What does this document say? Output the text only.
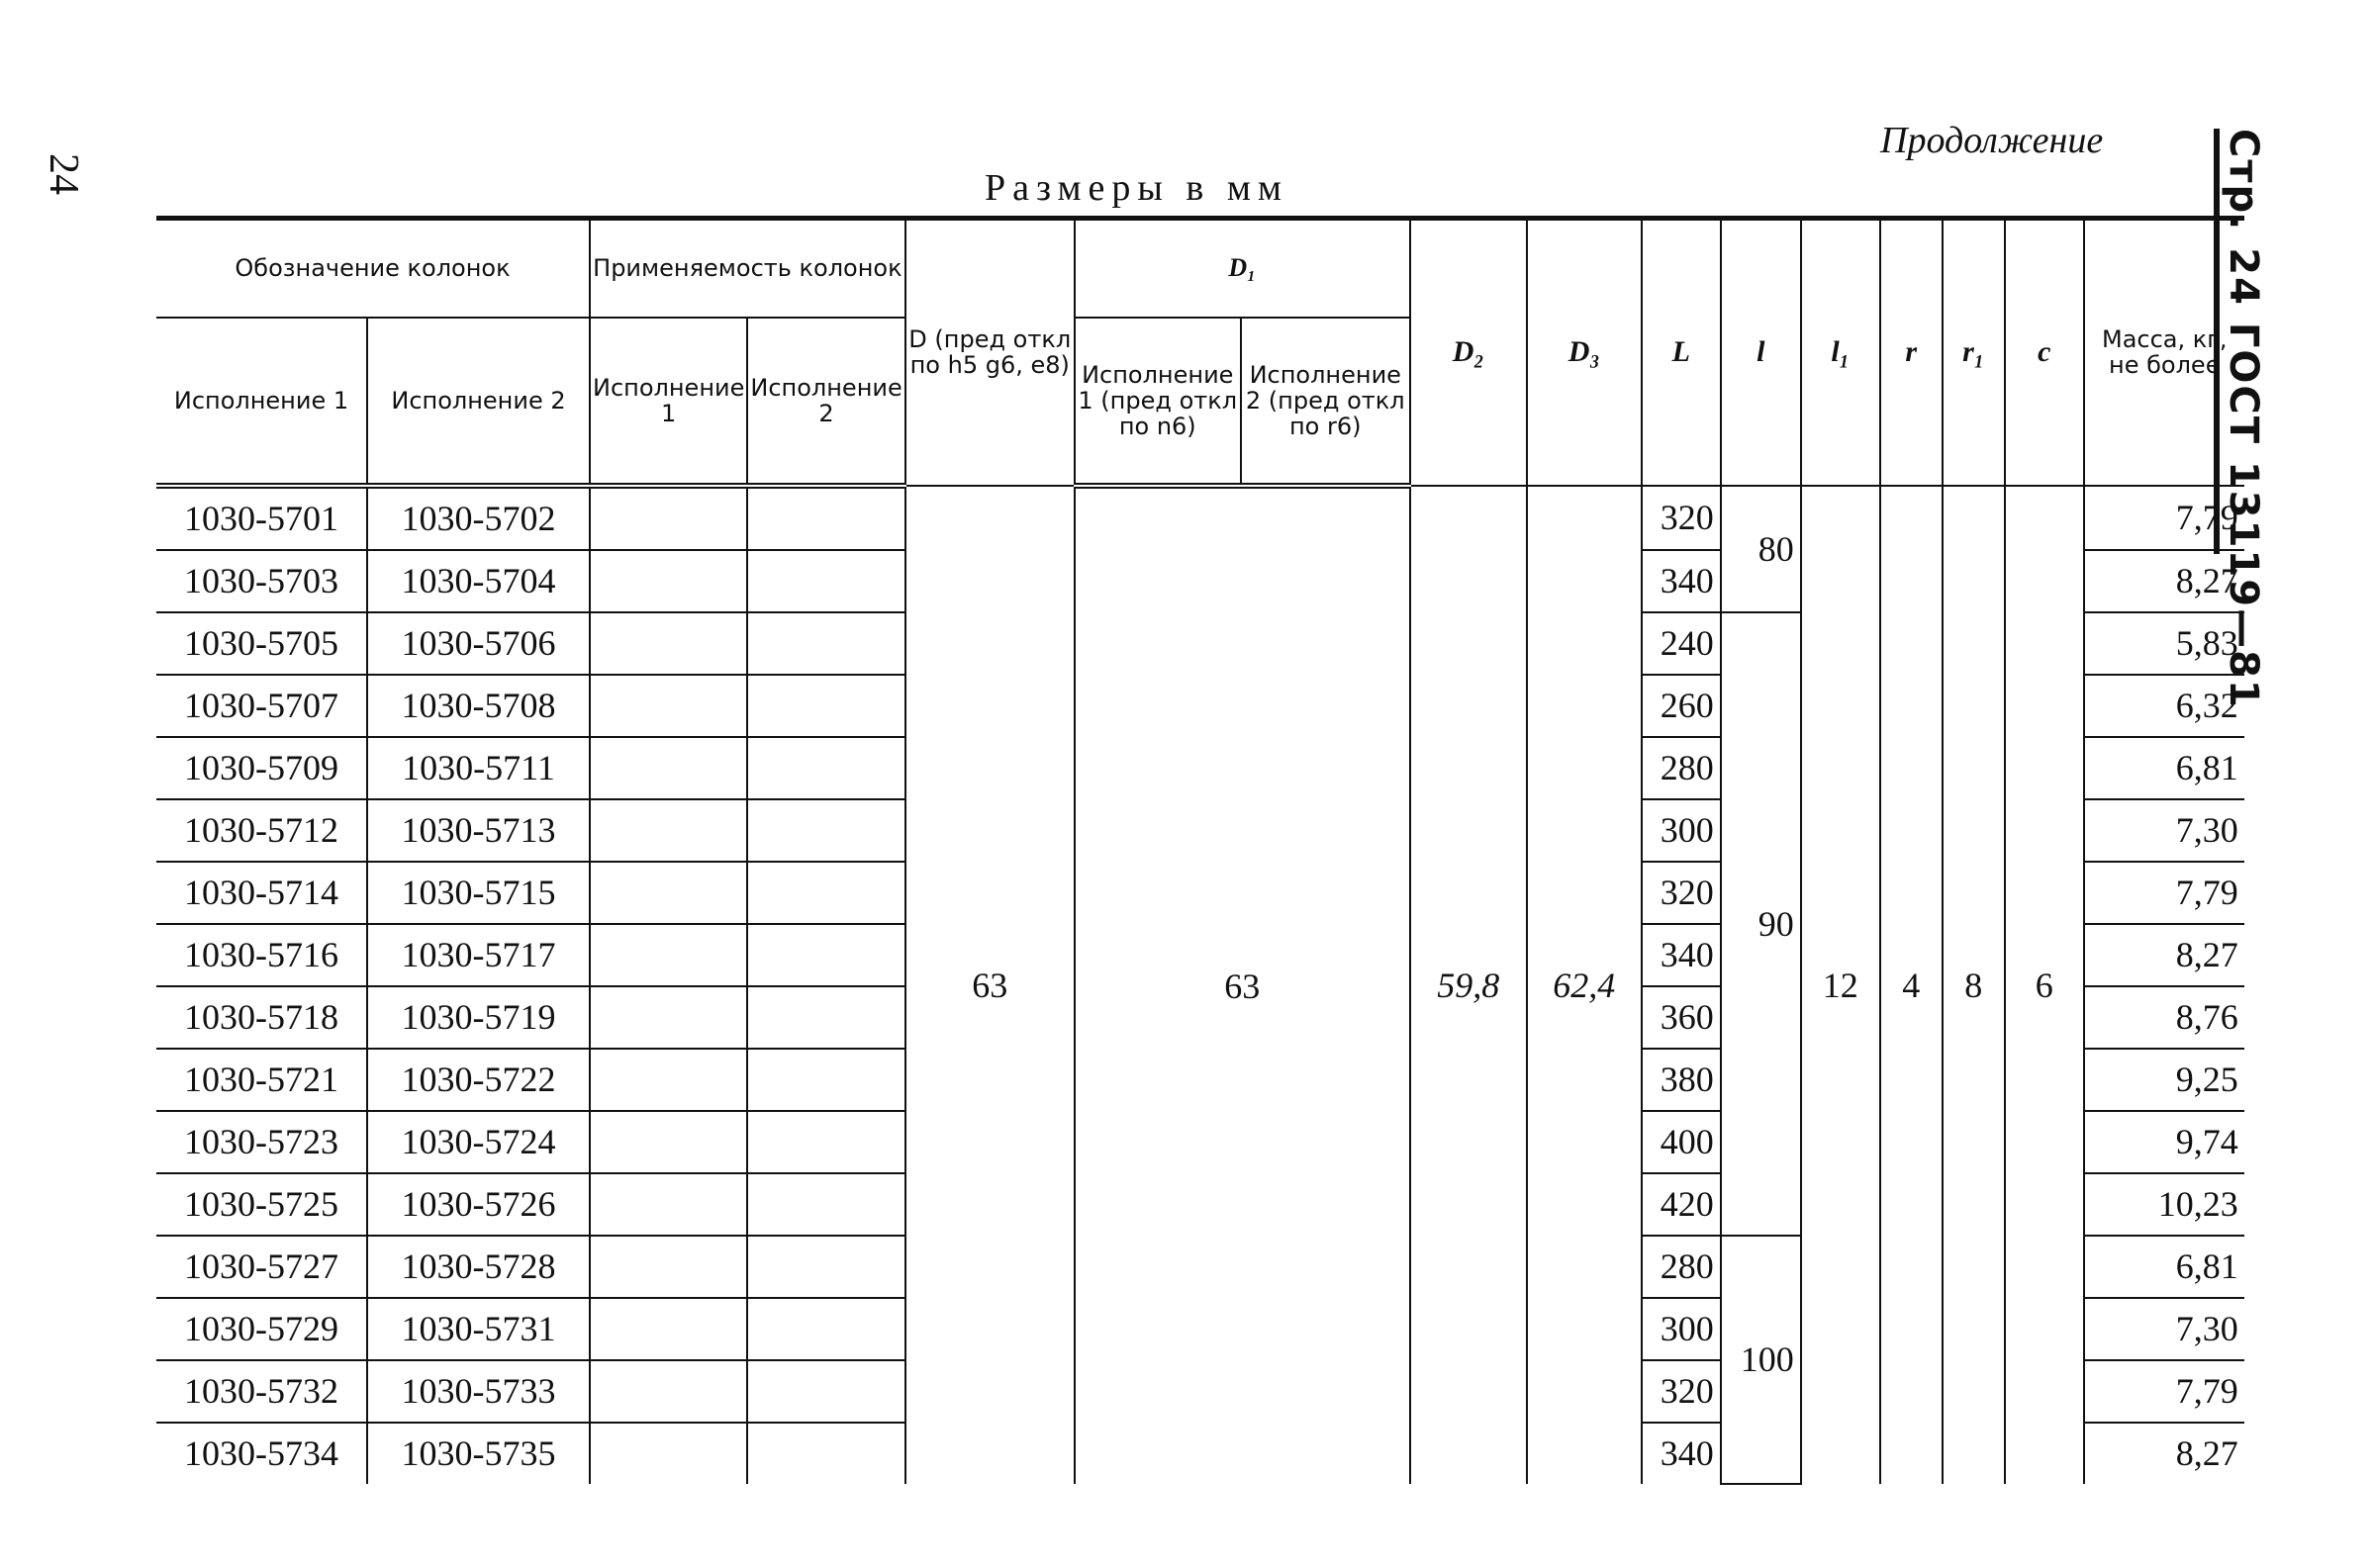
24	Стр. 24 ГОСТ 13119—81
Продолжение
Размеры в мм
Обозначение колонок		Применяемость колонок		D (пред откл по h5 g6, e8)	D₁		D₂	D₃	L	l	l₁	r	r₁	c	Масса, кг, не более
Исполнение 1	Исполнение 2	Исполнение 1	Исполнение 2		Исполнение 1 (пред откл по n6)	Исполнение 2 (пред откл по r6)									
1030-5701	1030-5702			63	63		59,8	62,4	320	80	12	4	8	6	7,79
1030-5703	1030-5704								340						8,27
1030-5705	1030-5706								240	90					5,83
1030-5707	1030-5708								260						6,32
1030-5709	1030-5711								280						6,81
1030-5712	1030-5713								300						7,30
1030-5714	1030-5715								320						7,79
1030-5716	1030-5717								340						8,27
1030-5718	1030-5719								360						8,76
1030-5721	1030-5722								380						9,25
1030-5723	1030-5724								400						9,74
1030-5725	1030-5726								420						10,23
1030-5727	1030-5728								280	100					6,81
1030-5729	1030-5731								300						7,30
1030-5732	1030-5733								320						7,79
1030-5734	1030-5735								340						8,27
